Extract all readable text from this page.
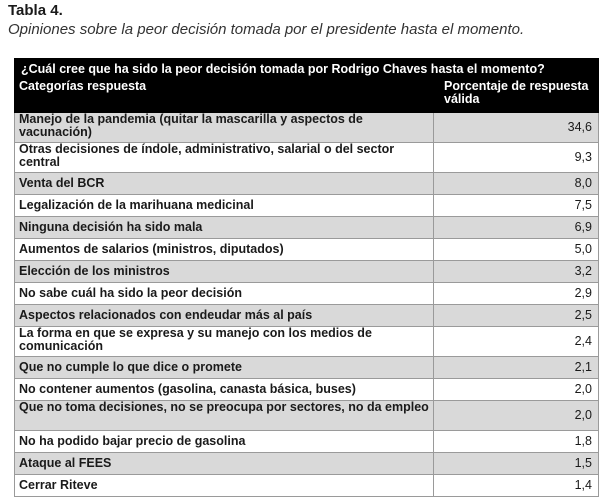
Tabla 4.
Opiniones sobre la peor decisión tomada por el presidente hasta el momento.
¿Cuál cree que ha sido la peor decisión tomada por Rodrigo Chaves hasta el momento?	
Categorías respuesta	Porcentaje de respuesta válida
Manejo de la pandemia (quitar la mascarilla y aspectos de vacunación)	34,6
Otras decisiones de índole, administrativo, salarial o del sector central	9,3
Venta del BCR	8,0
Legalización de la marihuana medicinal	7,5
Ninguna decisión ha sido mala	6,9
Aumentos de salarios (ministros, diputados)	5,0
Elección de los ministros	3,2
No sabe cuál ha sido la peor decisión	2,9
Aspectos relacionados con endeudar más al país	2,5
La forma en que se expresa y su manejo con los medios de comunicación	2,4
Que no cumple lo que dice o promete	2,1
No contener aumentos (gasolina, canasta básica, buses)	2,0
Que no toma decisiones, no se preocupa por sectores, no da empleo	2,0
No ha podido bajar precio de gasolina	1,8
Ataque al FEES	1,5
Cerrar Riteve	1,4
